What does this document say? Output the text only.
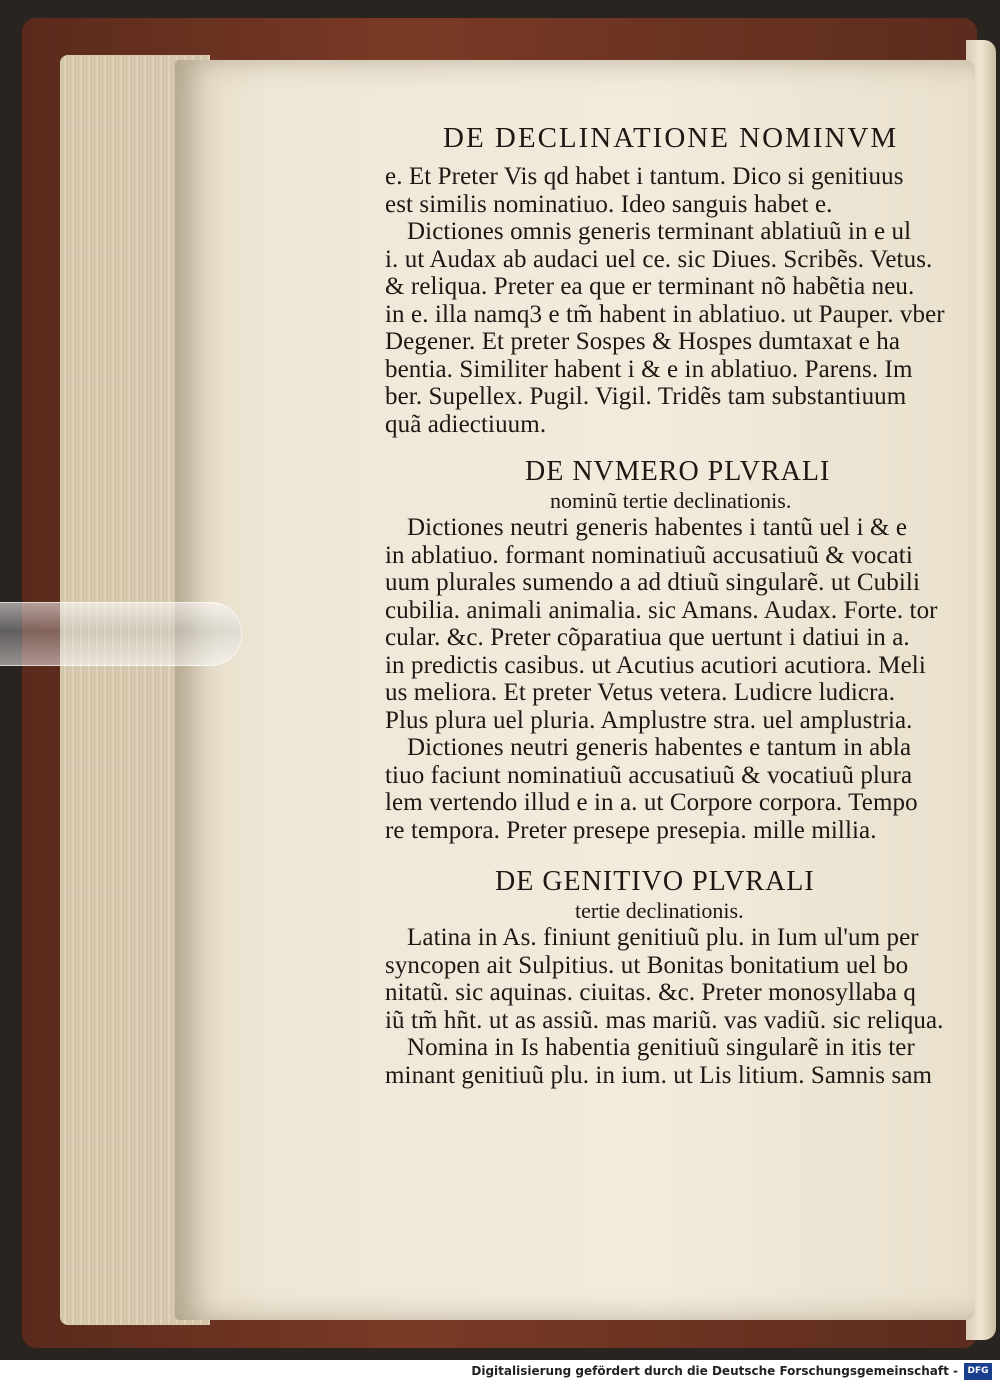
DE DECLINATIONE NOMINVM
e. Et Preter Vis qd habet i tantum. Dico si genitiuus
est similis nominatiuo. Ideo sanguis habet e.
Dictiones omnis generis terminant ablatiuũ in e ul
i. ut Audax ab audaci uel ce. sic Diues. Scribẽs. Vetus.
& reliqua. Preter ea que er terminant nõ habẽtia neu.
in e. illa namq3 e tm̃ habent in ablatiuo. ut Pauper. vber
Degener. Et preter Sospes & Hospes dumtaxat e ha
bentia. Similiter habent i & e in ablatiuo. Parens. Im
ber. Supellex. Pugil. Vigil. Tridẽs tam substantiuum
quã adiectiuum.
DE NVMERO PLVRALI
nominũ tertie declinationis.
Dictiones neutri generis habentes i tantũ uel i & e
in ablatiuo. formant nominatiuũ accusatiuũ & vocati
uum plurales sumendo a ad dtiuũ singularẽ. ut Cubili
cubilia. animali animalia. sic Amans. Audax. Forte. tor
cular. &c. Preter cõparatiua que uertunt i datiui in a.
in predictis casibus. ut Acutius acutiori acutiora. Meli
us meliora. Et preter Vetus vetera. Ludicre ludicra.
Plus plura uel pluria. Amplustre stra. uel amplustria.
Dictiones neutri generis habentes e tantum in abla
tiuo faciunt nominatiuũ accusatiuũ & vocatiuũ plura
lem vertendo illud e in a. ut Corpore corpora. Tempo
re tempora. Preter presepe presepia. mille millia.
DE GENITIVO PLVRALI
tertie declinationis.
Latina in As. finiunt genitiuũ plu. in Ium ul'um per
syncopen ait Sulpitius. ut Bonitas bonitatium uel bo
nitatũ. sic aquinas. ciuitas. &c. Preter monosyllaba q
iũ tm̃ hñt. ut as assiũ. mas mariũ. vas vadiũ. sic reliqua.
Nomina in Is habentia genitiuũ singularẽ in itis ter
minant genitiuũ plu. in ium. ut Lis litium. Samnis sam
Digitalisierung gefördert durch die Deutsche Forschungsgemeinschaft -	DFG
